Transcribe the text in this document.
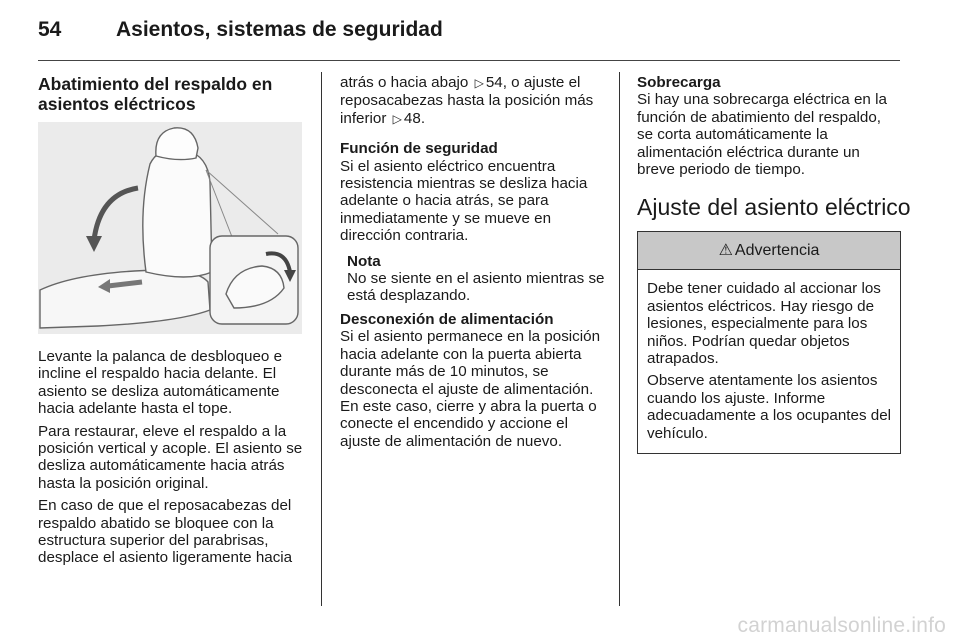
54	Asientos, sistemas de seguridad
Abatimiento del respaldo en
asientos eléctricos

Levante la palanca de desbloqueo e incline el respaldo hacia delante. El asiento se desliza automáticamente hacia adelante hasta el tope.

Para restaurar, eleve el respaldo a la posición vertical y acople. El asiento se desliza automáticamente hacia atrás hasta la posición original.

En caso de que el reposacabezas del respaldo abatido se bloquee con la estructura superior del parabrisas, desplace el asiento ligeramente hacia

atrás o hacia abajo ▷ 54, o ajuste el reposacabezas hasta la posición más inferior ▷ 48.
Función de seguridad
Si el asiento eléctrico encuentra resistencia mientras se desliza hacia adelante o hacia atrás, se para inmediatamente y se mueve en dirección contraria.
Nota
No se siente en el asiento mientras se está desplazando.
Desconexión de alimentación
Si el asiento permanece en la posición hacia adelante con la puerta abierta durante más de 10 minutos, se desconecta el ajuste de alimentación. En este caso, cierre y abra la puerta o conecte el encendido y accione el ajuste de alimentación de nuevo.
Sobrecarga
Si hay una sobrecarga eléctrica en la función de abatimiento del respaldo, se corta automáticamente la alimentación eléctrica durante un breve periodo de tiempo.
Ajuste del asiento eléctrico
⚠ Advertencia

Debe tener cuidado al accionar los asientos eléctricos. Hay riesgo de lesiones, especialmente para los niños. Podrían quedar objetos atrapados.

Observe atentamente los asientos cuando los ajuste. Informe adecuadamente a los ocupantes del vehículo.

carmanualsonline.info
